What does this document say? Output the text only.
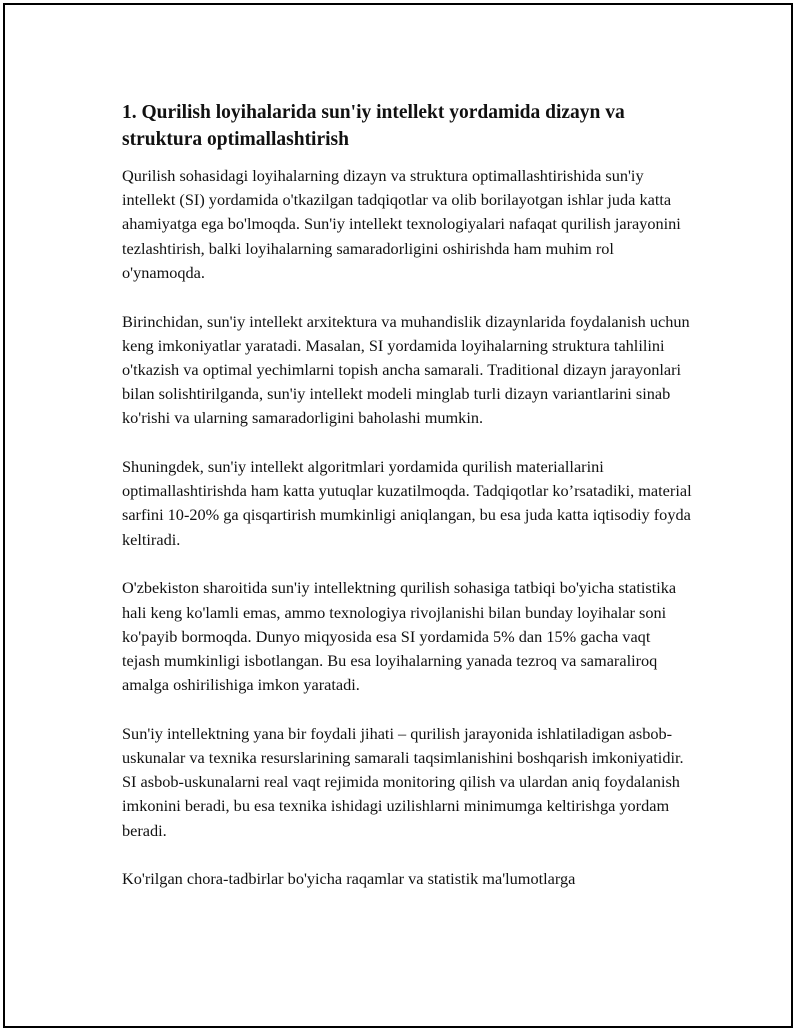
1. Qurilish loyihalarida sun'iy intellekt yordamida dizayn va struktura optimallashtirish

Qurilish sohasidagi loyihalarning dizayn va struktura optimallashtirishida sun'iy intellekt (SI) yordamida o'tkazilgan tadqiqotlar va olib borilayotgan ishlar juda katta ahamiyatga ega bo'lmoqda. Sun'iy intellekt texnologiyalari nafaqat qurilish jarayonini tezlashtirish, balki loyihalarning samaradorligini oshirishda ham muhim rol o'ynamoqda.

Birinchidan, sun'iy intellekt arxitektura va muhandislik dizaynlarida foydalanish uchun keng imkoniyatlar yaratadi. Masalan, SI yordamida loyihalarning struktura tahlilini o'tkazish va optimal yechimlarni topish ancha samarali. Traditional dizayn jarayonlari bilan solishtirilganda, sun'iy intellekt modeli minglab turli dizayn variantlarini sinab ko'rishi va ularning samaradorligini baholashi mumkin.

Shuningdek, sun'iy intellekt algoritmlari yordamida qurilish materiallarini optimallashtirishda ham katta yutuqlar kuzatilmoqda. Tadqiqotlar ko’rsatadiki, material sarfini 10-20% ga qisqartirish mumkinligi aniqlangan, bu esa juda katta iqtisodiy foyda keltiradi.

O'zbekiston sharoitida sun'iy intellektning qurilish sohasiga tatbiqi bo'yicha statistika hali keng ko'lamli emas, ammo texnologiya rivojlanishi bilan bunday loyihalar soni ko'payib bormoqda. Dunyo miqyosida esa SI yordamida 5% dan 15% gacha vaqt tejash mumkinligi isbotlangan. Bu esa loyihalarning yanada tezroq va samaraliroq amalga oshirilishiga imkon yaratadi.

Sun'iy intellektning yana bir foydali jihati – qurilish jarayonida ishlatiladigan asbob-uskunalar va texnika resurslarining samarali taqsimlanishini boshqarish imkoniyatidir. SI asbob-uskunalarni real vaqt rejimida monitoring qilish va ulardan aniq foydalanish imkonini beradi, bu esa texnika ishidagi uzilishlarni minimumga keltirishga yordam beradi.

Ko'rilgan chora-tadbirlar bo'yicha raqamlar va statistik ma'lumotlarga
